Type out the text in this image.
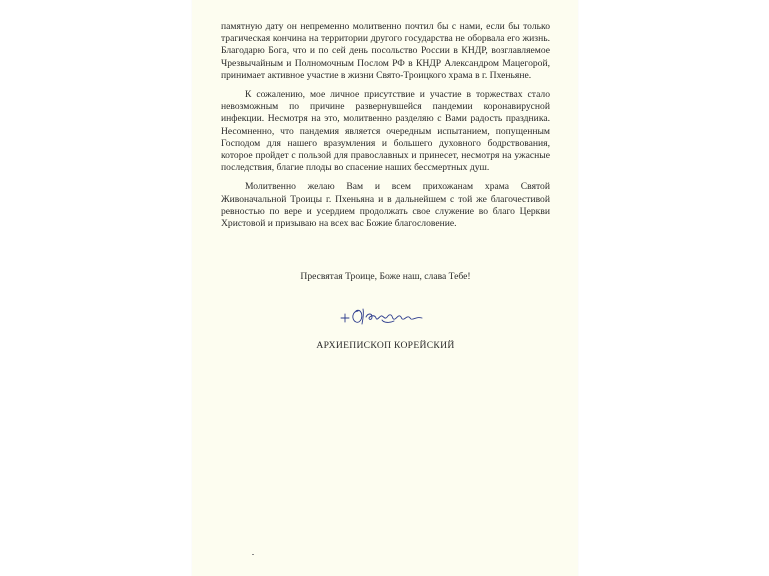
памятную дату он непременно молитвенно почтил бы с нами, если бы только трагическая кончина на территории другого государства не оборвала его жизнь. Благодарю Бога, что и по сей день посольство России в КНДР, возглавляемое Чрезвычайным и Полномочным Послом РФ в КНДР Александром Мацегорой, принимает активное участие в жизни Свято-Троицкого храма в г. Пхеньяне.

К сожалению, мое личное присутствие и участие в торжествах стало невозможным по причине развернувшейся пандемии коронавирусной инфекции. Несмотря на это, молитвенно разделяю с Вами радость праздника. Несомненно, что пандемия является очередным испытанием, попущенным Господом для нашего вразумления и большего духовного бодрствования, которое пройдет с пользой для православных и принесет, несмотря на ужасные последствия, благие плоды во спасение наших бессмертных душ.

Молитвенно желаю Вам и всем прихожанам храма Святой Живоначальной Троицы г. Пхеньяна и в дальнейшем с той же благочестивой ревностью по вере и усердием продолжать свое служение во благо Церкви Христовой и призываю на всех вас Божие благословение.

Пресвятая Троице, Боже наш, слава Тебе!
АРХИЕПИСКОП КОРЕЙСКИЙ
